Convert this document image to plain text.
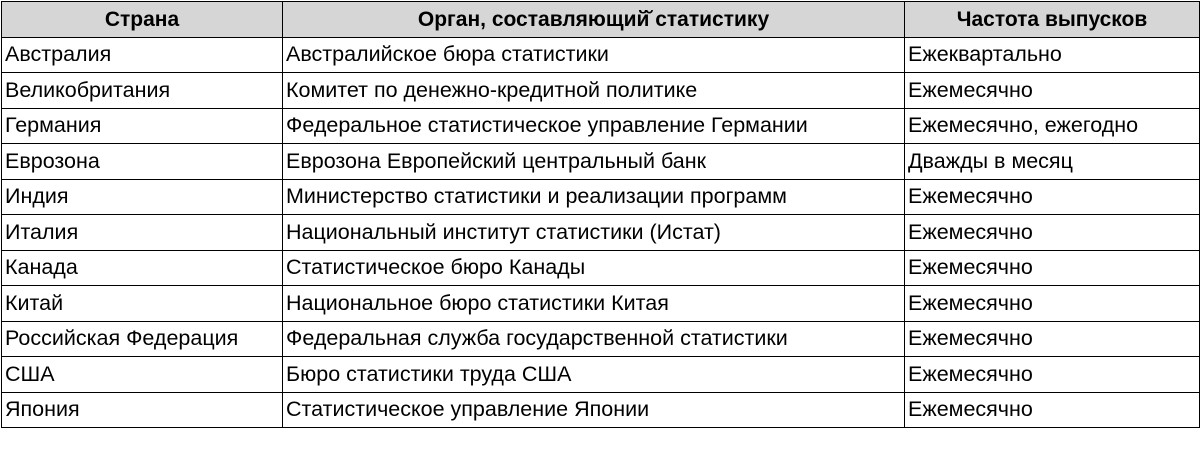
Страна	Орган, составляющий̆ статистику	Частота выпусков
Австралия	Австралийское бюра статистики	Ежеквартально
Великобритания	Комитет по денежно-кредитной политике	Ежемесячно
Германия	Федеральное статистическое управление Германии	Ежемесячно, ежегодно
Еврозона	Еврозона Европейский центральный банк	Дважды в месяц
Индия	Министерство статистики и реализации программ	Ежемесячно
Италия	Национальный институт статистики (Истат)	Ежемесячно
Канада	Статистическое бюро Канады	Ежемесячно
Китай	Национальное бюро статистики Китая	Ежемесячно
Российская Федерация	Федеральная служба государственной статистики	Ежемесячно
США	Бюро статистики труда США	Ежемесячно
Япония	Статистическое управление Японии	Ежемесячно
